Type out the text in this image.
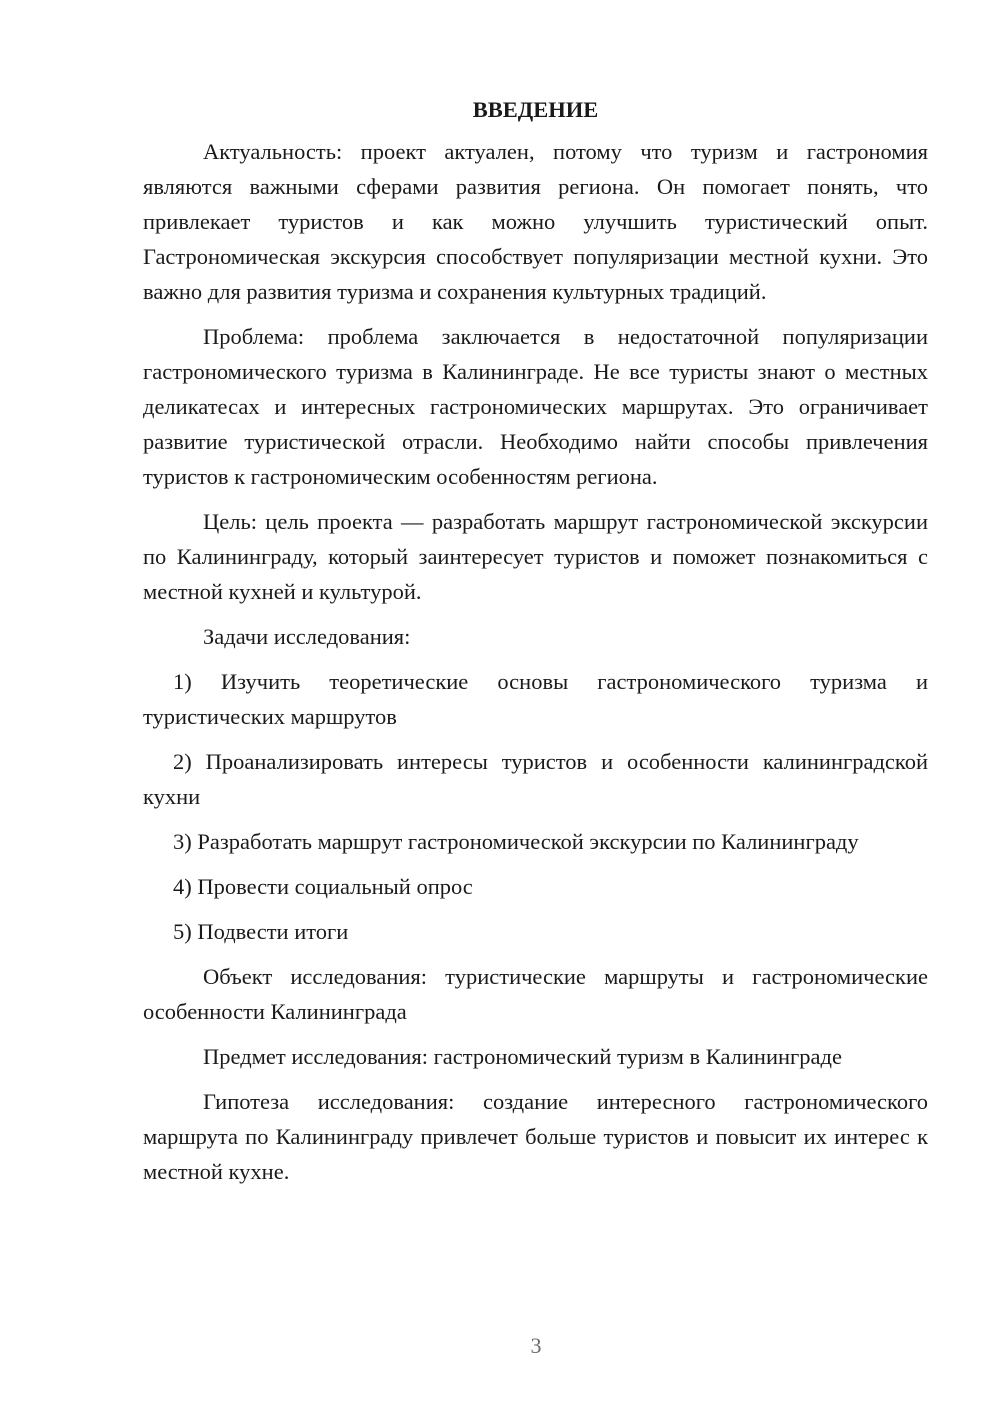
ВВЕДЕНИЕ

Актуальность: проект актуален, потому что туризм и гастрономия являются важными сферами развития региона. Он помогает понять, что привлекает туристов и как можно улучшить туристический опыт. Гастрономическая экскурсия способствует популяризации местной кухни. Это важно для развития туризма и сохранения культурных традиций.

Проблема: проблема заключается в недостаточной популяризации гастрономического туризма в Калининграде. Не все туристы знают о местных деликатесах и интересных гастрономических маршрутах. Это ограничивает развитие туристической отрасли. Необходимо найти способы привлечения туристов к гастрономическим особенностям региона.

Цель: цель проекта — разработать маршрут гастрономической экскурсии по Калининграду, который заинтересует туристов и поможет познакомиться с местной кухней и культурой.

Задачи исследования:

1) Изучить теоретические основы гастрономического туризма и туристических маршрутов

2) Проанализировать интересы туристов и особенности калининградской кухни

3) Разработать маршрут гастрономической экскурсии по Калининграду

4) Провести социальный опрос

5) Подвести итоги

Объект исследования: туристические маршруты и гастрономические особенности Калининграда

Предмет исследования: гастрономический туризм в Калининграде

Гипотеза исследования: создание интересного гастрономического маршрута по Калининграду привлечет больше туристов и повысит их интерес к местной кухне.

3
